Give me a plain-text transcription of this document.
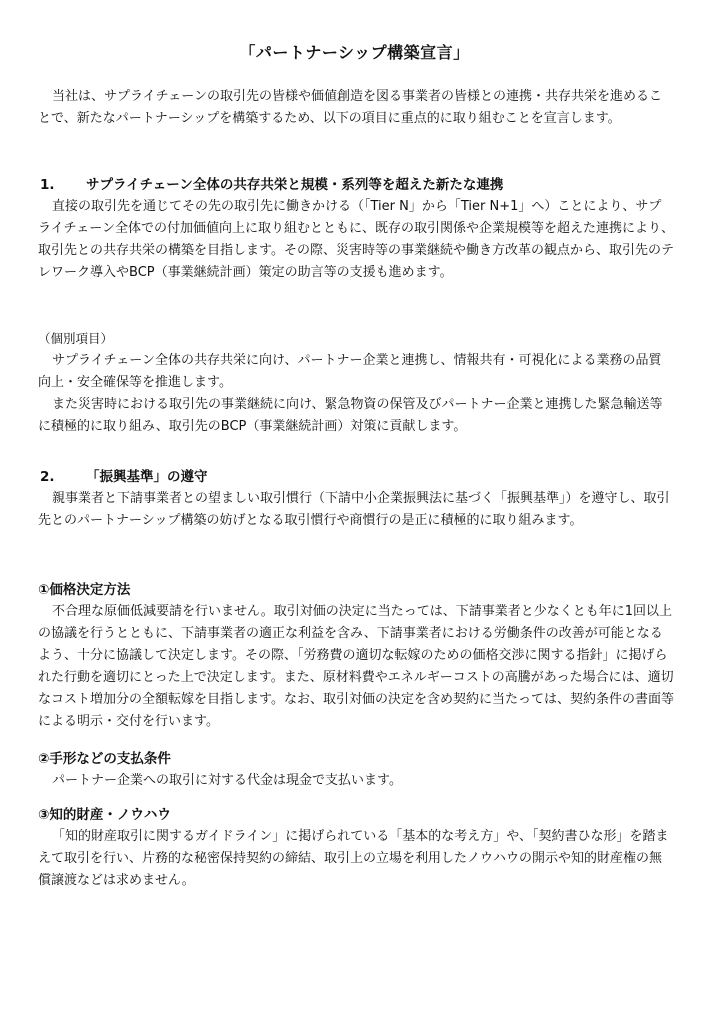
「パートナーシップ構築宣言」

当社は、サプライチェーンの取引先の皆様や価値創造を図る事業者の皆様との連携・共存共栄を進めることで、新たなパートナーシップを構築するため、以下の項目に重点的に取り組むことを宣言します。

1. サプライチェーン全体の共存共栄と規模・系列等を超えた新たな連携

直接の取引先を通じてその先の取引先に働きかける（「Tier N」から「Tier N+1」へ）ことにより、サプライチェーン全体での付加価値向上に取り組むとともに、既存の取引関係や企業規模等を超えた連携により、取引先との共存共栄の構築を目指します。その際、災害時等の事業継続や働き方改革の観点から、取引先のテレワーク導入やBCP（事業継続計画）策定の助言等の支援も進めます。

（個別項目）

サプライチェーン全体の共存共栄に向け、パートナー企業と連携し、情報共有・可視化による業務の品質向上・安全確保等を推進します。

また災害時における取引先の事業継続に向け、緊急物資の保管及びパートナー企業と連携した緊急輸送等に積極的に取り組み、取引先のBCP（事業継続計画）対策に貢献します。

2. 「振興基準」の遵守

親事業者と下請事業者との望ましい取引慣行（下請中小企業振興法に基づく「振興基準」）を遵守し、取引先とのパートナーシップ構築の妨げとなる取引慣行や商慣行の是正に積極的に取り組みます。

①価格決定方法

不合理な原価低減要請を行いません。取引対価の決定に当たっては、下請事業者と少なくとも年に1回以上の協議を行うとともに、下請事業者の適正な利益を含み、下請事業者における労働条件の改善が可能となるよう、十分に協議して決定します。その際、「労務費の適切な転嫁のための価格交渉に関する指針」に掲げられた行動を適切にとった上で決定します。また、原材料費やエネルギーコストの高騰があった場合には、適切なコスト増加分の全額転嫁を目指します。なお、取引対価の決定を含め契約に当たっては、契約条件の書面等による明示・交付を行います。

②手形などの支払条件

パートナー企業への取引に対する代金は現金で支払います。

③知的財産・ノウハウ

「知的財産取引に関するガイドライン」に掲げられている「基本的な考え方」や、「契約書ひな形」を踏まえて取引を行い、片務的な秘密保持契約の締結、取引上の立場を利用したノウハウの開示や知的財産権の無償譲渡などは求めません。
